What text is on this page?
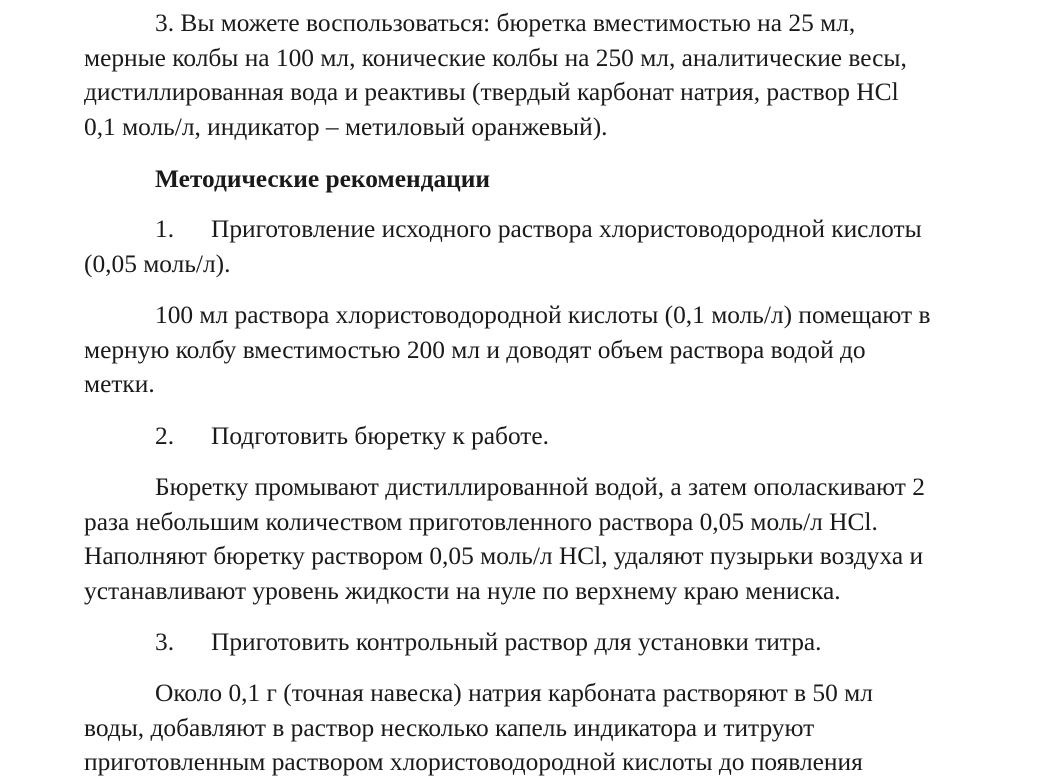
3. Вы можете воспользоваться: бюретка вместимостью на 25 мл,
мерные колбы на 100 мл, конические колбы на 250 мл, аналитические весы,
дистиллированная вода и реактивы (твердый карбонат натрия, раствор HCl
0,1 моль/л, индикатор – метиловый оранжевый).
Методические рекомендации
1.	Приготовление исходного раствора хлористоводородной кислоты
(0,05 моль/л).
100 мл раствора хлористоводородной кислоты (0,1 моль/л) помещают в
мерную колбу вместимостью 200 мл и доводят объем раствора водой до
метки.
2.	Подготовить бюретку к работе.
Бюретку промывают дистиллированной водой, а затем ополаскивают 2
раза небольшим количеством приготовленного раствора 0,05 моль/л HCl.
Наполняют бюретку раствором 0,05 моль/л HCl, удаляют пузырьки воздуха и
устанавливают уровень жидкости на нуле по верхнему краю мениска.
3.	Приготовить контрольный раствор для установки титра.
Около 0,1 г (точная навеска) натрия карбоната растворяют в 50 мл
воды, добавляют в раствор несколько капель индикатора и титруют
приготовленным раствором хлористоводородной кислоты до появления
